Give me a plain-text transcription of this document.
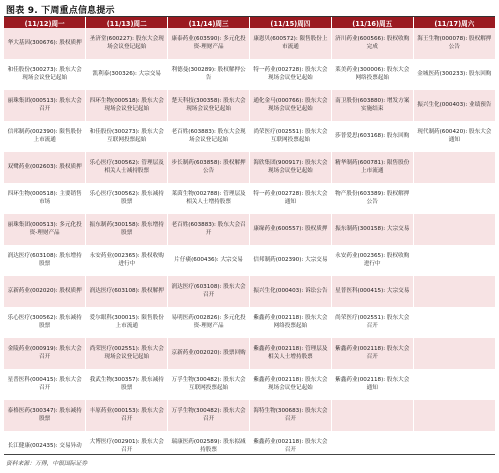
图表 9. 下周重点信息提示
(11/12)周一	(11/13)周二	(11/14)周三	(11/15)周四	(11/16)周五	(11/17)周六

华大基因(300676): 股权质押	圣济堂(600227): 股东大会现场会议登记起始	康泰药业(603590): 多元化投资-理财产品	康恩贝(600572): 限售股份上市流通	济川药业(600566): 股权收购完成	海王生物(000078): 股权解押公告

和佳股份(300273): 股东大会现场会议登记起始	凯利泰(300326): 大宗交易	利德曼(300289): 股权解押公告	特一药业(002728): 股东大会现场会议登记起始	莱美药业(300006): 股东大会网络投票起始	金城医药(300233): 股东回购

丽珠集团(000513): 股东大会召开	四环生物(000518): 股东大会现场会议登记起始	楚天科技(300358): 股东大会现场会议登记起始	通化金马(000766): 股东大会现场会议登记起始	南卫股份(603880): 增发方案实施结束	振兴生化(000403): 业绩预告

信邦制药(002390): 限售股份上市流通	和佳股份(300273): 股东大会互联网投票起始	老百姓(603883): 股东大会现场会议登记起始	尚荣医疗(002551): 股东大会互联网投票起始	莎普爱思(603168): 股东回购	现代制药(600420): 股东大会通知

双鹭药业(002603): 股权质押	乐心医疗(300562): 管理层及相关人士减持股票	步长制药(603858): 股权解押公告	海欣集团(900917): 股东大会现场会议登记起始	精华制药(600781): 限售股份上市流通	

四环生物(000518): 主要销售市场	乐心医疗(300562): 股东减持股票	莱茵生物(002788): 管理层及相关人士增持股票	特一药业(002728): 股东大会通知	物产股份(603389): 股权解押公告	

丽珠集团(000513): 多元化投资-理财产品	振东制药(300158): 股东增持股票	老百姓(603883): 股东大会召开	康缘药业(600557): 股权质押	振东制药(300158): 大宗交易	

润达医疗(603108): 股东增持股票	永安药业(002365): 股权收购进行中	片仔癀(600436): 大宗交易	信邦制药(002390): 大宗交易	永安药业(002365): 股权收购进行中	

京新药业(002020): 股权质押	润达医疗(603108): 股权解押	润达医疗(603108): 股东大会召开	振兴生化(000403): 诉讼公告	星普医科(000415): 大宗交易	

乐心医疗(300562): 股东减持股票	爱尔眼科(300015): 限售股份上市流通	易明医药(002826): 多元化投资-理财产品	紫鑫药业(002118): 股东大会网络投票起始	尚荣医疗(002551): 股东大会召开	

金陵药业(000919): 股东大会召开	尚荣医疗(002551): 股东大会现场会议登记起始	京新药业(002020): 股票回购	紫鑫药业(002118): 管理层及相关人士增持股票	紫鑫药业(002118): 股东大会召开	

星普医科(000415): 股东大会召开	我武生物(300357): 股东减持股票	万孚生物(300482): 股东大会互联网投票起始	紫鑫药业(002118): 股东大会现场会议登记起始	紫鑫药业(002118): 股东大会通知	

泰格医药(300347): 股东减持股票	丰原药业(000153): 股东大会召开	万孚生物(300482): 股东大会召开	海特生物(300683): 股东大会召开		

长江健康(002435): 交易异动	大博医疗(002901): 股东大会召开	瑞康医药(002589): 股东拟减持股票	紫鑫药业(002118): 股东大会召开		

资料来源：万得，中银国际证券
